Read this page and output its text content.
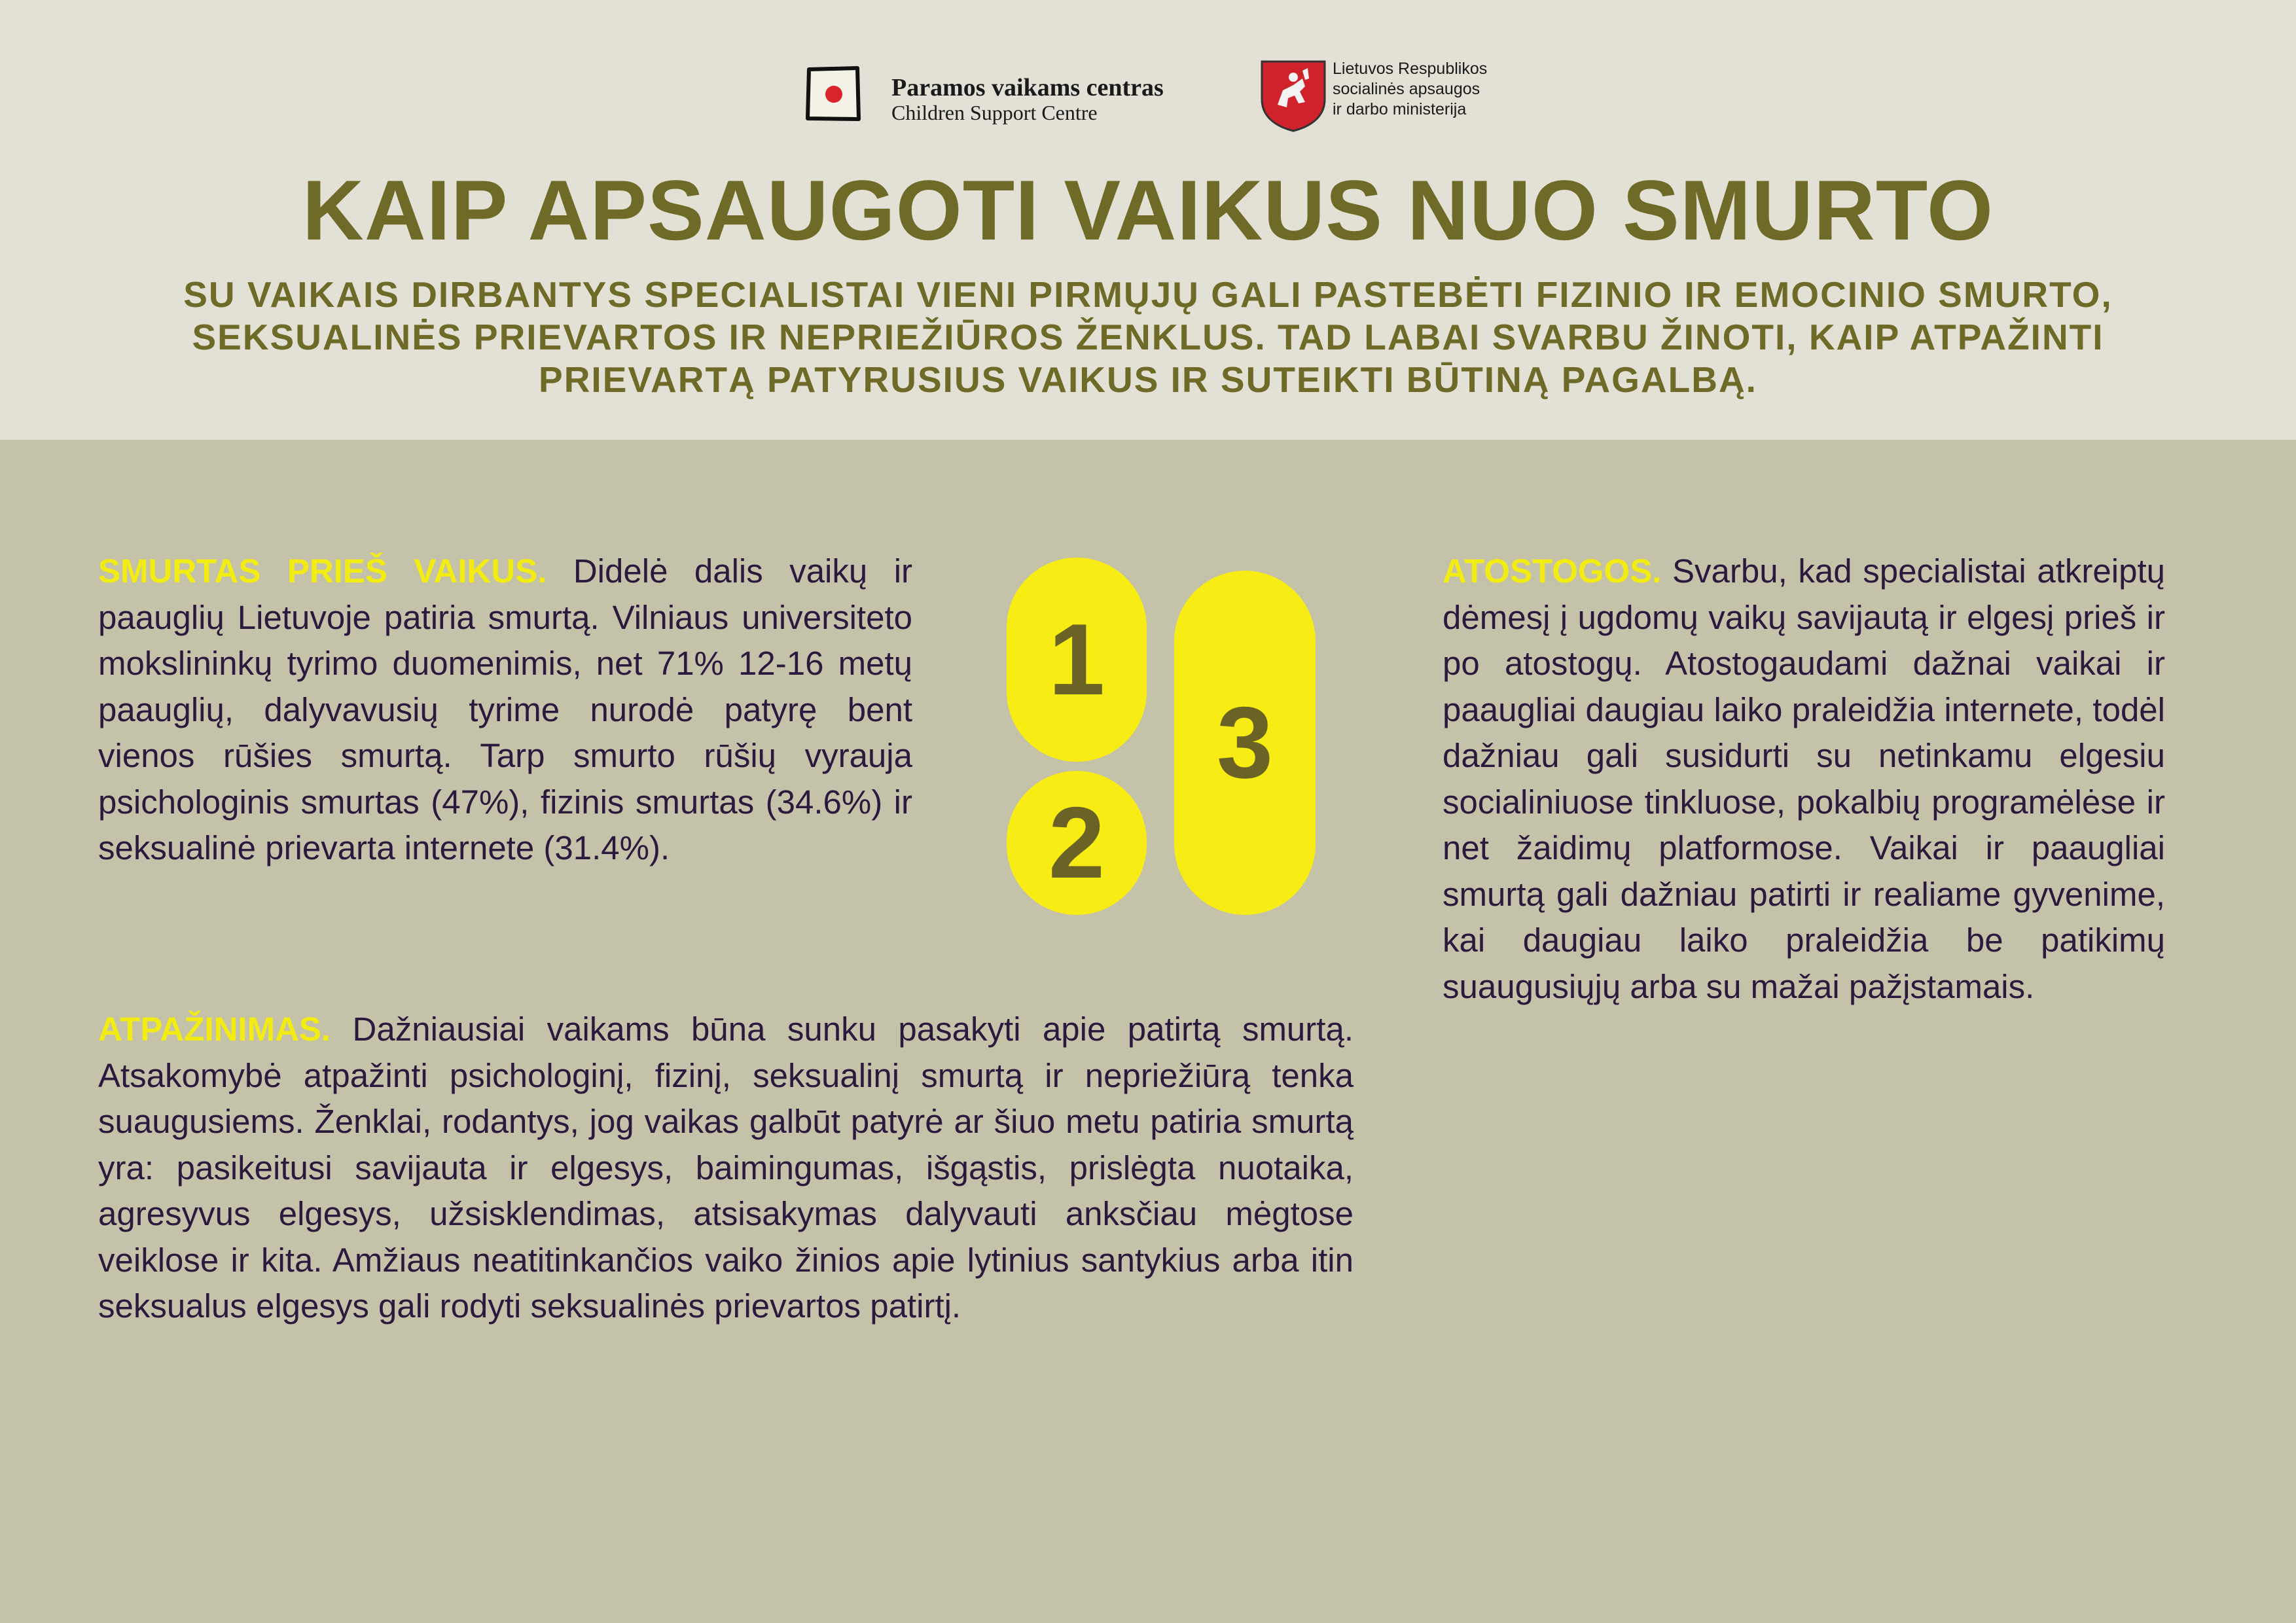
Paramos vaikams centras
Children Support Centre
Lietuvos Respublikos
socialinės apsaugos
ir darbo ministerija
KAIP APSAUGOTI VAIKUS NUO SMURTO
SU VAIKAIS DIRBANTYS SPECIALISTAI VIENI PIRMŲJŲ GALI PASTEBĖTI FIZINIO IR EMOCINIO SMURTO, SEKSUALINĖS PRIEVARTOS IR NEPRIEŽIŪROS ŽENKLUS. TAD LABAI SVARBU ŽINOTI, KAIP ATPAŽINTI PRIEVARTĄ PATYRUSIUS VAIKUS IR SUTEIKTI BŪTINĄ PAGALBĄ.

SMURTAS PRIEŠ VAIKUS. Didelė dalis vaikų ir paauglių Lietuvoje patiria smurtą. Vilniaus universiteto mokslininkų tyrimo duomenimis, net 71% 12-16 metų paauglių, dalyvavusių tyrime nurodė patyrę bent vienos rūšies smurtą. Tarp smurto rūšių vyrauja psichologinis smurtas (47%), fizinis smurtas (34.6%) ir seksualinė prievarta internete (31.4%).

1
2
3

ATPAŽINIMAS. Dažniausiai vaikams būna sunku pasakyti apie patirtą smurtą. Atsakomybė atpažinti psichologinį, fizinį, seksualinį smurtą ir nepriežiūrą tenka suaugusiems. Ženklai, rodantys, jog vaikas galbūt patyrė ar šiuo metu patiria smurtą yra: pasikeitusi savijauta ir elgesys, baimingumas, išgąstis, prislėgta nuotaika, agresyvus elgesys, užsisklendimas, atsisakymas dalyvauti anksčiau mėgtose veiklose ir kita. Amžiaus neatitinkančios vaiko žinios apie lytinius santykius arba itin seksualus elgesys gali rodyti seksualinės prievartos patirtį.

ATOSTOGOS. Svarbu, kad specialistai atkreiptų dėmesį į ugdomų vaikų savijautą ir elgesį prieš ir po atostogų. Atostogaudami dažnai vaikai ir paaugliai daugiau laiko praleidžia internete, todėl dažniau gali susidurti su netinkamu elgesiu socialiniuose tinkluose, pokalbių programėlėse ir net žaidimų platformose. Vaikai ir paaugliai smurtą gali dažniau patirti ir realiame gyvenime, kai daugiau laiko praleidžia be patikimų suaugusiųjų arba su mažai pažįstamais.
